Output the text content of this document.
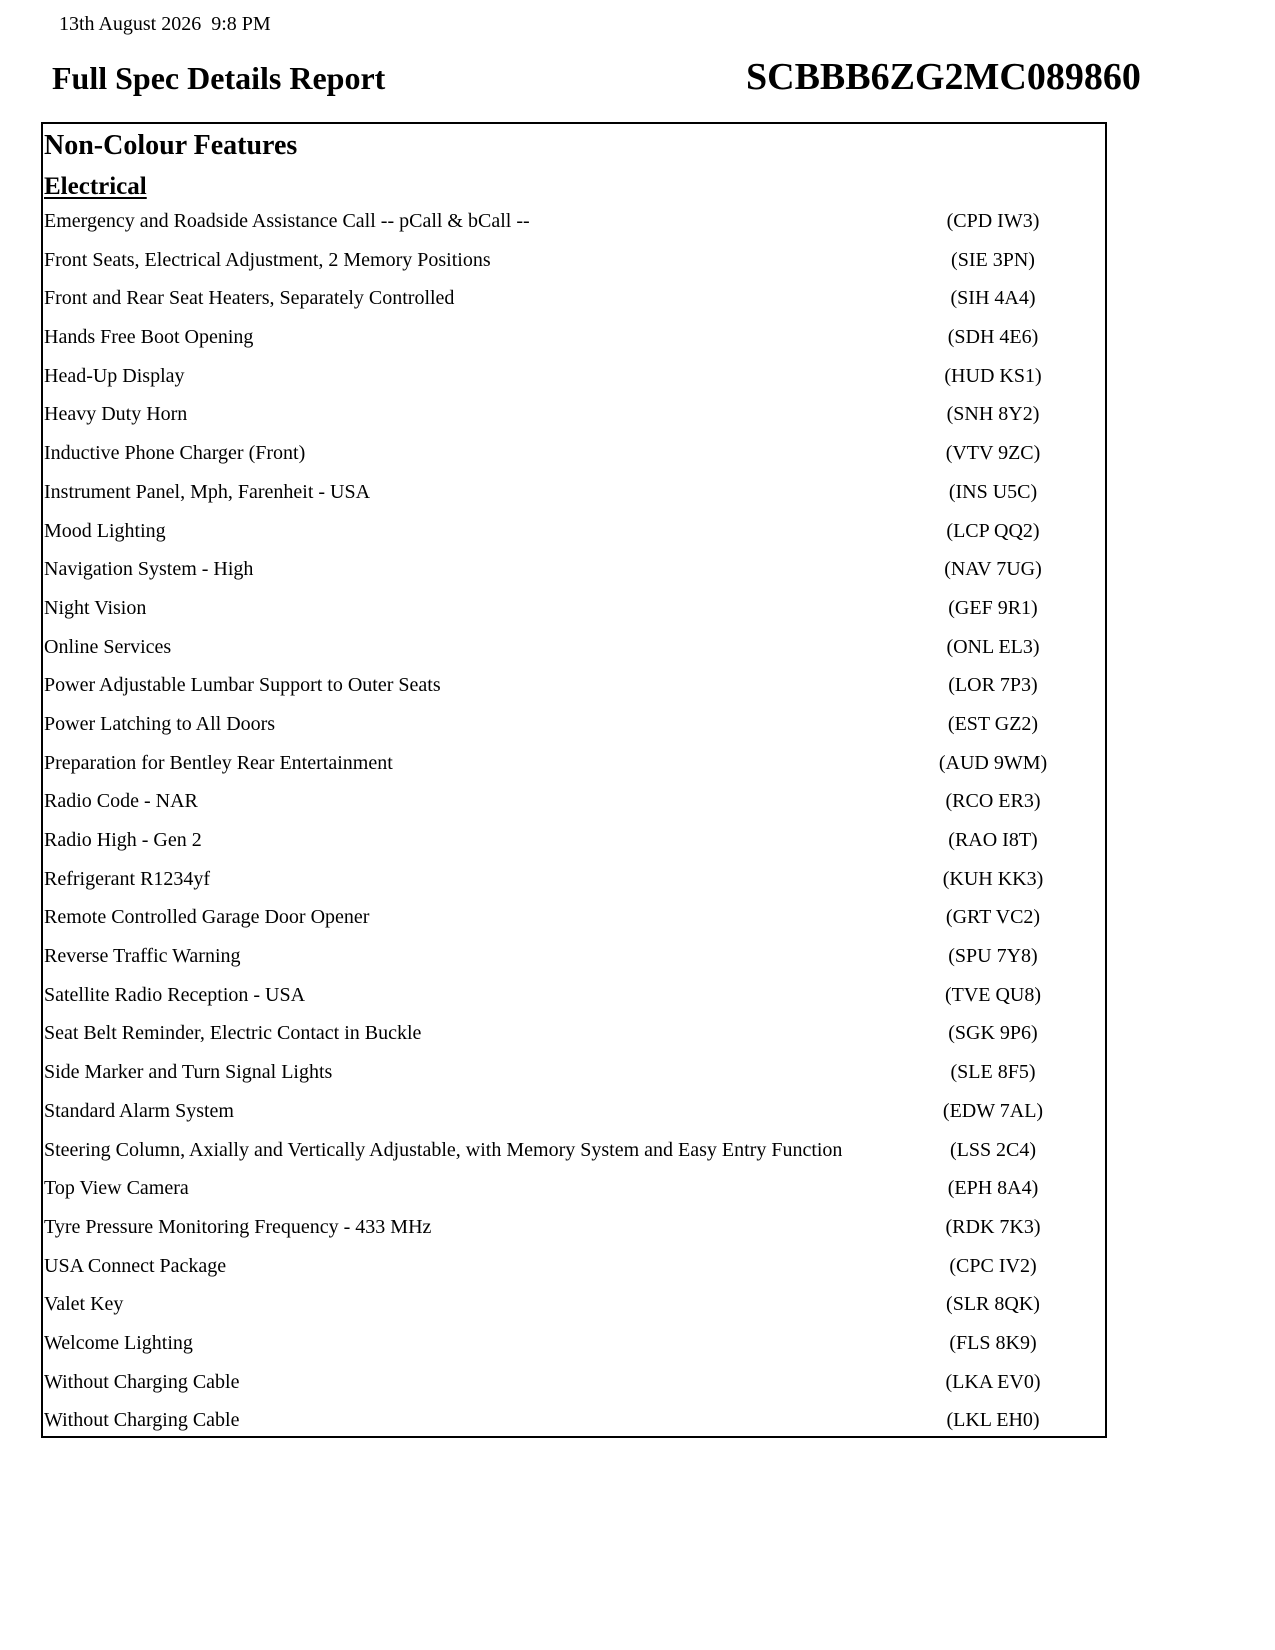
13th August 2026  9:8 PM
Full Spec Details Report	SCBBB6ZG2MC089860
Non-Colour Features
Electrical
Emergency and Roadside Assistance Call -- pCall & bCall --	(CPD IW3)
Front Seats, Electrical Adjustment, 2 Memory Positions	(SIE 3PN)
Front and Rear Seat Heaters, Separately Controlled	(SIH 4A4)
Hands Free Boot Opening	(SDH 4E6)
Head-Up Display	(HUD KS1)
Heavy Duty Horn	(SNH 8Y2)
Inductive Phone Charger (Front)	(VTV 9ZC)
Instrument Panel, Mph, Farenheit - USA	(INS U5C)
Mood Lighting	(LCP QQ2)
Navigation System - High	(NAV 7UG)
Night Vision	(GEF 9R1)
Online Services	(ONL EL3)
Power Adjustable Lumbar Support to Outer Seats	(LOR 7P3)
Power Latching to All Doors	(EST GZ2)
Preparation for Bentley Rear Entertainment	(AUD 9WM)
Radio Code - NAR	(RCO ER3)
Radio High - Gen 2	(RAO I8T)
Refrigerant R1234yf	(KUH KK3)
Remote Controlled Garage Door Opener	(GRT VC2)
Reverse Traffic Warning	(SPU 7Y8)
Satellite Radio Reception - USA	(TVE QU8)
Seat Belt Reminder, Electric Contact in Buckle	(SGK 9P6)
Side Marker and Turn Signal Lights	(SLE 8F5)
Standard Alarm System	(EDW 7AL)
Steering Column, Axially and Vertically Adjustable, with Memory System and Easy Entry Function	(LSS 2C4)
Top View Camera	(EPH 8A4)
Tyre Pressure Monitoring Frequency - 433 MHz	(RDK 7K3)
USA Connect Package	(CPC IV2)
Valet Key	(SLR 8QK)
Welcome Lighting	(FLS 8K9)
Without Charging Cable	(LKA EV0)
Without Charging Cable	(LKL EH0)
